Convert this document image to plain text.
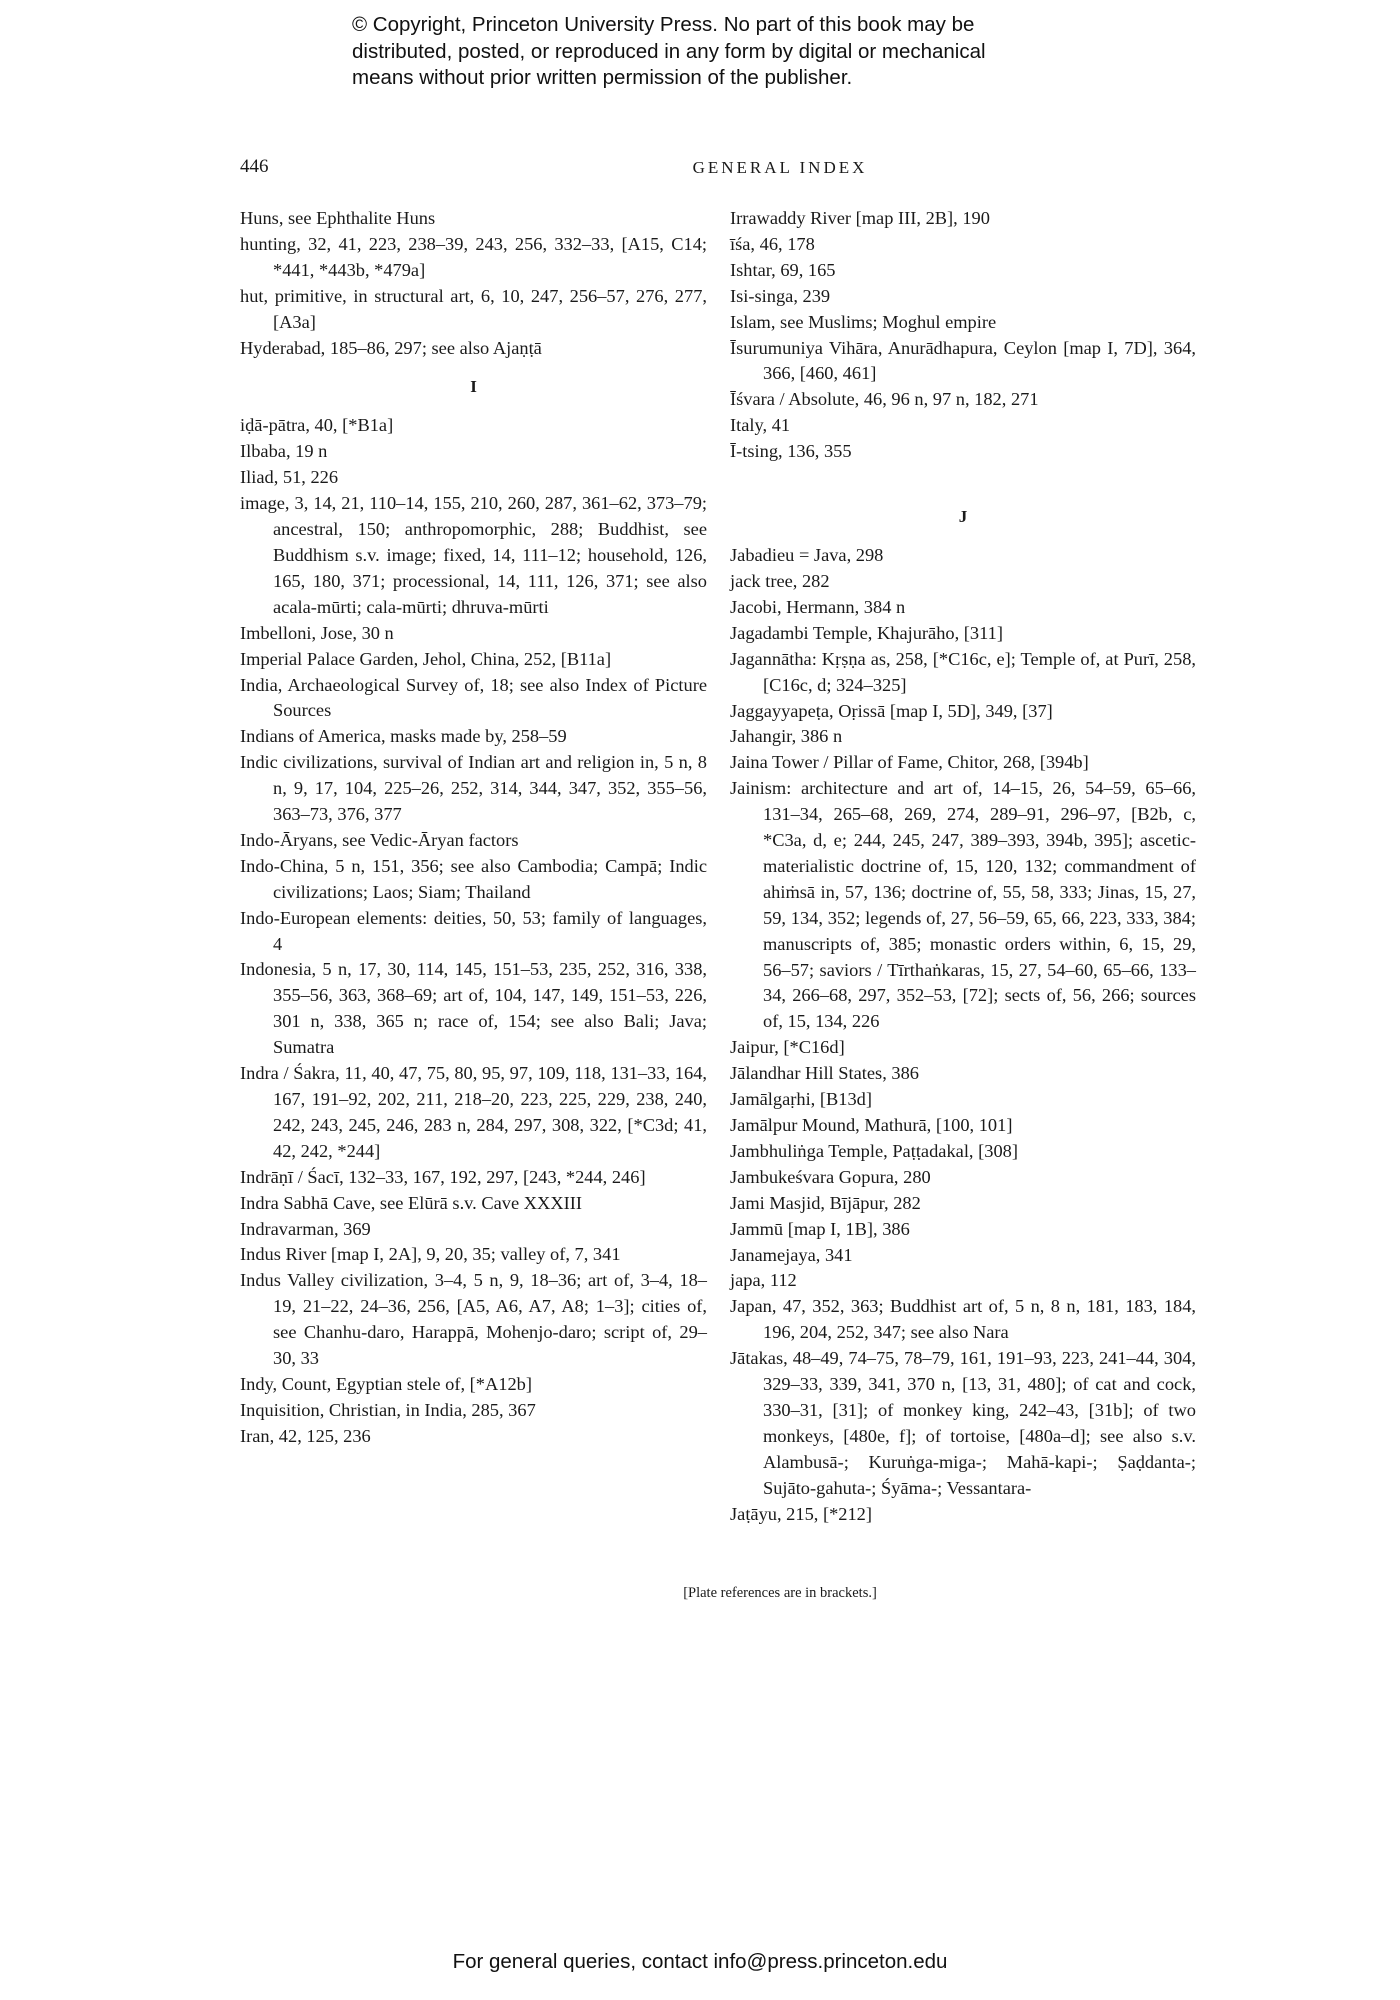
© Copyright, Princeton University Press. No part of this book may be
distributed, posted, or reproduced in any form by digital or mechanical
means without prior written permission of the publisher.
446	GENERAL INDEX
Huns, see Ephthalite Huns
hunting, 32, 41, 223, 238–39, 243, 256, 332–33, [A15, C14; *441, *443b, *479a]
hut, primitive, in structural art, 6, 10, 247, 256–57, 276, 277, [A3a]
Hyderabad, 185–86, 297; see also Ajaṇṭā
I
iḍā-pātra, 40, [*B1a]
Ilbaba, 19 n
Iliad, 51, 226
image, 3, 14, 21, 110–14, 155, 210, 260, 287, 361–62, 373–79; ancestral, 150; anthropomorphic, 288; Buddhist, see Buddhism s.v. image; fixed, 14, 111–12; household, 126, 165, 180, 371; processional, 14, 111, 126, 371; see also acala-mūrti; cala-mūrti; dhruva-mūrti
Imbelloni, Jose, 30 n
Imperial Palace Garden, Jehol, China, 252, [B11a]
India, Archaeological Survey of, 18; see also Index of Picture Sources
Indians of America, masks made by, 258–59
Indic civilizations, survival of Indian art and religion in, 5 n, 8 n, 9, 17, 104, 225–26, 252, 314, 344, 347, 352, 355–56, 363–73, 376, 377
Indo-Āryans, see Vedic-Āryan factors
Indo-China, 5 n, 151, 356; see also Cambodia; Campā; Indic civilizations; Laos; Siam; Thailand
Indo-European elements: deities, 50, 53; family of languages, 4
Indonesia, 5 n, 17, 30, 114, 145, 151–53, 235, 252, 316, 338, 355–56, 363, 368–69; art of, 104, 147, 149, 151–53, 226, 301 n, 338, 365 n; race of, 154; see also Bali; Java; Sumatra
Indra / Śakra, 11, 40, 47, 75, 80, 95, 97, 109, 118, 131–33, 164, 167, 191–92, 202, 211, 218–20, 223, 225, 229, 238, 240, 242, 243, 245, 246, 283 n, 284, 297, 308, 322, [*C3d; 41, 42, 242, *244]
Indrāṇī / Śacī, 132–33, 167, 192, 297, [243, *244, 246]
Indra Sabhā Cave, see Elūrā s.v. Cave XXXIII
Indravarman, 369
Indus River [map I, 2A], 9, 20, 35; valley of, 7, 341
Indus Valley civilization, 3–4, 5 n, 9, 18–36; art of, 3–4, 18–19, 21–22, 24–36, 256, [A5, A6, A7, A8; 1–3]; cities of, see Chanhu-daro, Harappā, Mohenjo-daro; script of, 29–30, 33
Indy, Count, Egyptian stele of, [*A12b]
Inquisition, Christian, in India, 285, 367
Iran, 42, 125, 236
Irrawaddy River [map III, 2B], 190
īśa, 46, 178
Ishtar, 69, 165
Isi-singa, 239
Islam, see Muslims; Moghul empire
Īsurumuniya Vihāra, Anurādhapura, Ceylon [map I, 7D], 364, 366, [460, 461]
Īśvara / Absolute, 46, 96 n, 97 n, 182, 271
Italy, 41
Ī-tsing, 136, 355
J
Jabadieu = Java, 298
jack tree, 282
Jacobi, Hermann, 384 n
Jagadambi Temple, Khajurāho, [311]
Jagannātha: Kṛṣṇa as, 258, [*C16c, e]; Temple of, at Purī, 258, [C16c, d; 324–325]
Jaggayyapeṭa, Oṛissā [map I, 5D], 349, [37]
Jahangir, 386 n
Jaina Tower / Pillar of Fame, Chitor, 268, [394b]
Jainism: architecture and art of, 14–15, 26, 54–59, 65–66, 131–34, 265–68, 269, 274, 289–91, 296–97, [B2b, c, *C3a, d, e; 244, 245, 247, 389–393, 394b, 395]; ascetic-materialistic doctrine of, 15, 120, 132; commandment of ahiṁsā in, 57, 136; doctrine of, 55, 58, 333; Jinas, 15, 27, 59, 134, 352; legends of, 27, 56–59, 65, 66, 223, 333, 384; manuscripts of, 385; monastic orders within, 6, 15, 29, 56–57; saviors / Tīrthaṅkaras, 15, 27, 54–60, 65–66, 133–34, 266–68, 297, 352–53, [72]; sects of, 56, 266; sources of, 15, 134, 226
Jaipur, [*C16d]
Jālandhar Hill States, 386
Jamālgaṛhi, [B13d]
Jamālpur Mound, Mathurā, [100, 101]
Jambhuliṅga Temple, Paṭṭadakal, [308]
Jambukeśvara Gopura, 280
Jami Masjid, Bījāpur, 282
Jammū [map I, 1B], 386
Janamejaya, 341
japa, 112
Japan, 47, 352, 363; Buddhist art of, 5 n, 8 n, 181, 183, 184, 196, 204, 252, 347; see also Nara
Jātakas, 48–49, 74–75, 78–79, 161, 191–93, 223, 241–44, 304, 329–33, 339, 341, 370 n, [13, 31, 480]; of cat and cock, 330–31, [31]; of monkey king, 242–43, [31b]; of two monkeys, [480e, f]; of tortoise, [480a–d]; see also s.v. Alambusā-; Kuruṅga-miga-; Mahā-kapi-; Ṣaḍdanta-; Sujāto-gahuta-; Śyāma-; Vessantara-
Jaṭāyu, 215, [*212]
[Plate references are in brackets.]
For general queries, contact info@press.princeton.edu
